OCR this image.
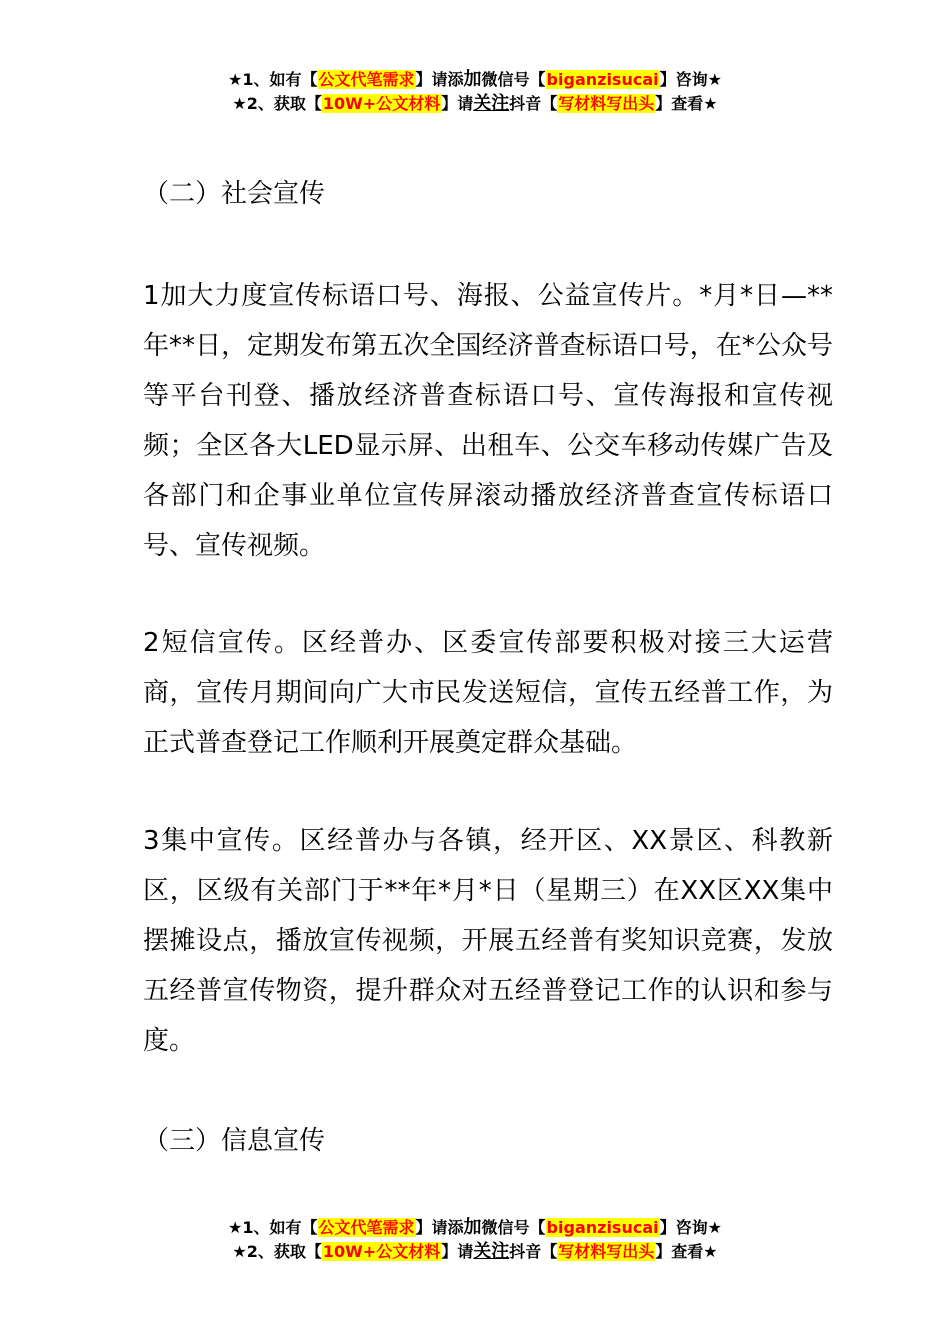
★1、如有【公文代笔需求】请添加微信号【biganzisucai】咨询★
★2、获取【10W+公文材料】请关注抖音【写材料写出头】查看★
（二）社会宣传
1加大力度宣传标语口号、海报、公益宣传片。*月*日—**年**日，定期发布第五次全国经济普查标语口号，在*公众号等平台刊登、播放经济普查标语口号、宣传海报和宣传视频；全区各大LED显示屏、出租车、公交车移动传媒广告及各部门和企事业单位宣传屏滚动播放经济普查宣传标语口号、宣传视频。
2短信宣传。区经普办、区委宣传部要积极对接三大运营商，宣传月期间向广大市民发送短信，宣传五经普工作，为正式普查登记工作顺利开展奠定群众基础。
3集中宣传。区经普办与各镇，经开区、XX景区、科教新区，区级有关部门于**年*月*日（星期三）在XX区XX集中摆摊设点，播放宣传视频，开展五经普有奖知识竞赛，发放五经普宣传物资，提升群众对五经普登记工作的认识和参与度。
（三）信息宣传
★1、如有【公文代笔需求】请添加微信号【biganzisucai】咨询★
★2、获取【10W+公文材料】请关注抖音【写材料写出头】查看★
